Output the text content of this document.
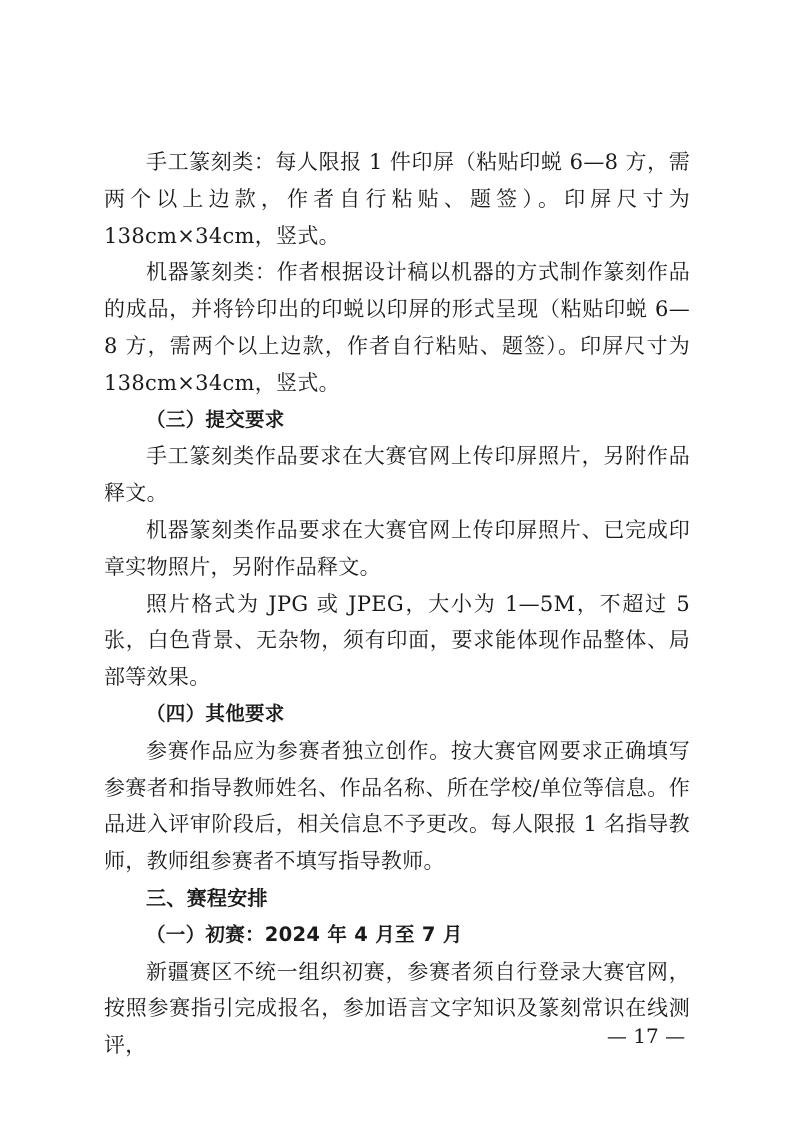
手工篆刻类：每人限报 1 件印屏（粘贴印蜕 6—8 方，需两个以上边款，作者自行粘贴、题签）。印屏尺寸为 138cm×34cm，竖式。

机器篆刻类：作者根据设计稿以机器的方式制作篆刻作品的成品，并将钤印出的印蜕以印屏的形式呈现（粘贴印蜕 6—8 方，需两个以上边款，作者自行粘贴、题签）。印屏尺寸为 138cm×34cm，竖式。

（三）提交要求

手工篆刻类作品要求在大赛官网上传印屏照片，另附作品释文。

机器篆刻类作品要求在大赛官网上传印屏照片、已完成印章实物照片，另附作品释文。

照片格式为 JPG 或 JPEG，大小为 1—5M，不超过 5 张，白色背景、无杂物，须有印面，要求能体现作品整体、局部等效果。

（四）其他要求

参赛作品应为参赛者独立创作。按大赛官网要求正确填写参赛者和指导教师姓名、作品名称、所在学校/单位等信息。作品进入评审阶段后，相关信息不予更改。每人限报 1 名指导教师，教师组参赛者不填写指导教师。

三、赛程安排

（一）初赛：2024 年 4 月至 7 月

新疆赛区不统一组织初赛，参赛者须自行登录大赛官网，按照参赛指引完成报名，参加语言文字知识及篆刻常识在线测评，	— 17 —
